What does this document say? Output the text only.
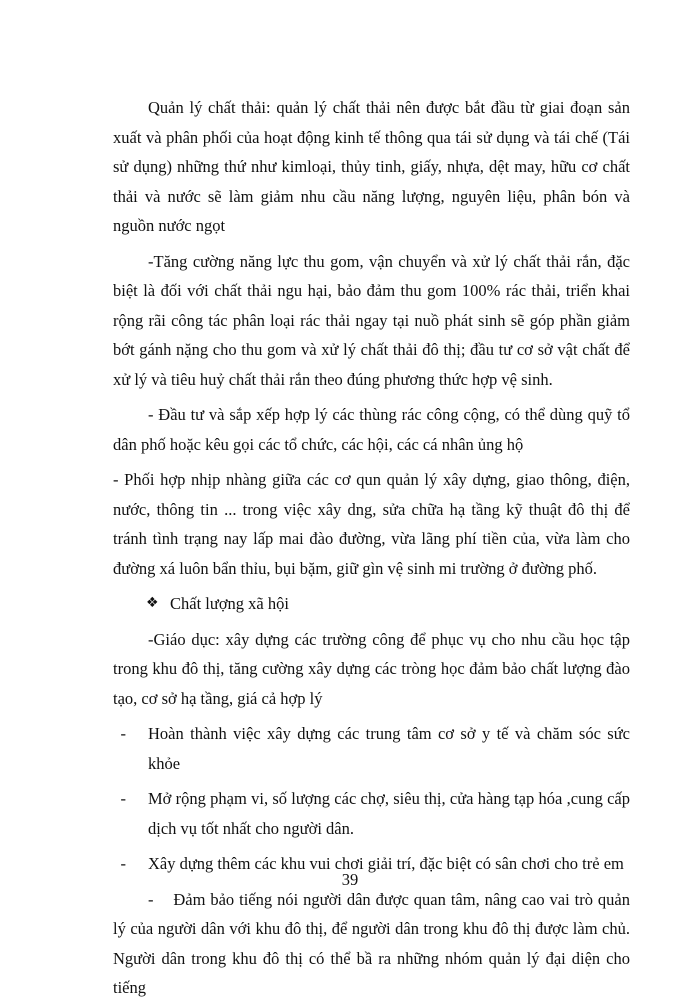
Quản lý chất thải: quản lý chất thải nên được bắt đầu từ giai đoạn sản xuất và phân phối của hoạt động kinh tế thông qua tái sử dụng và tái chế (Tái sử dụng) những thứ như kimloại, thủy tinh, giấy, nhựa, dệt may, hữu cơ chất thải và nước sẽ làm giảm nhu cầu năng lượng, nguyên liệu, phân bón và nguồn nước ngọt

-Tăng cường năng lực thu gom, vận chuyển và xử lý chất thải rắn, đặc biệt là đối với chất thải ngu hại, bảo đảm thu gom 100% rác thải, triển khai rộng rãi công tác phân loại rác thải ngay tại nuồ phát sinh sẽ góp phần giảm bớt gánh nặng cho thu gom và xử lý chất thải đô thị; đầu tư cơ sở vật chất để xử lý và tiêu huỷ chất thải rắn theo đúng phương thức hợp vệ sinh.

- Đầu tư và sắp xếp hợp lý các thùng rác công cộng, có thể dùng quỹ tổ dân phố hoặc kêu gọi các tổ chức, các hội, các cá nhân ủng hộ

- Phối hợp nhịp nhàng giữa các cơ qun quản lý xây dựng, giao thông, điện, nước, thông tin ... trong việc xây dng, sửa chữa hạ tầng kỹ thuật đô thị để tránh tình trạng nay lấp mai đào đường, vừa lãng phí tiền của, vừa làm cho đường xá luôn bẩn thỉu, bụi bặm, giữ gìn vệ sinh mi trường ở đường phố.

❖ Chất lượng xã hội

-Giáo dục: xây dựng các trường công để phục vụ cho nhu cầu học tập trong khu đô thị, tăng cường xây dựng các tròng học đảm bảo chất lượng đào tạo, cơ sở hạ tầng, giá cả hợp lý

-	Hoàn thành việc xây dựng các trung tâm cơ sở y tế và chăm sóc sức khỏe
-	Mở rộng phạm vi, số lượng các chợ, siêu thị, cửa hàng tạp hóa ,cung cấp dịch vụ tốt nhất cho người dân.
-	Xây dựng thêm các khu vui chơi giải trí, đặc biệt có sân chơi cho trẻ em

- Đảm bảo tiếng nói người dân được quan tâm, nâng cao vai trò quản lý của người dân với khu đô thị, để người dân trong khu đô thị được làm chủ. Người dân trong khu đô thị có thể bầ ra những nhóm quản lý đại diện cho tiếng

39
